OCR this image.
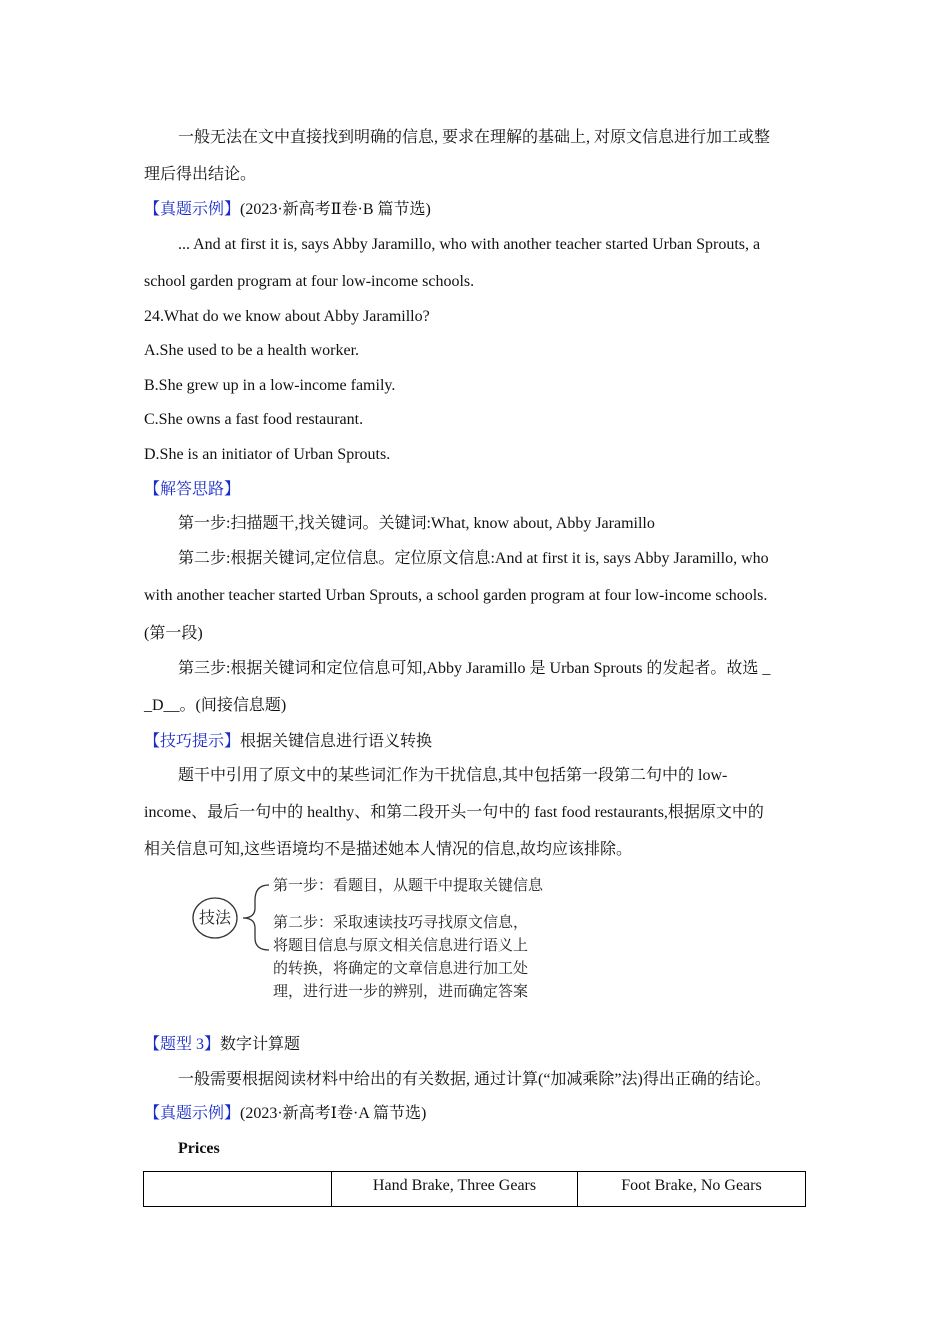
一般无法在文中直接找到明确的信息, 要求在理解的基础上, 对原文信息进行加工或整
理后得出结论。
【真题示例】(2023·新高考Ⅱ卷·B 篇节选)
... And at first it is, says Abby Jaramillo, who with another teacher started Urban Sprouts, a
school garden program at four low-income schools.
24.What do we know about Abby Jaramillo?
A.She used to be a health worker.
B.She grew up in a low-income family.
C.She owns a fast food restaurant.
D.She is an initiator of Urban Sprouts.
【解答思路】
第一步:扫描题干,找关键词。关键词:What, know about, Abby Jaramillo
第二步:根据关键词,定位信息。定位原文信息:And at first it is, says Abby Jaramillo, who
with another teacher started Urban Sprouts, a school garden program at four low-income schools.
(第一段)
第三步:根据关键词和定位信息可知,Abby Jaramillo 是 Urban Sprouts 的发起者。故选 _
_D__。(间接信息题)
【技巧提示】根据关键信息进行语义转换
题干中引用了原文中的某些词汇作为干扰信息,其中包括第一段第二句中的 low-
income、最后一句中的 healthy、和第二段开头一句中的 fast food restaurants,根据原文中的
相关信息可知,这些语境均不是描述她本人情况的信息,故均应该排除。
技法
第一步：看题目，从题干中提取关键信息
第二步：采取速读技巧寻找原文信息，
将题目信息与原文相关信息进行语义上
的转换，将确定的文章信息进行加工处
理，进行进一步的辨别，进而确定答案
【题型 3】数字计算题
一般需要根据阅读材料中给出的有关数据, 通过计算(“加减乘除”法)得出正确的结论。
【真题示例】(2023·新高考Ⅰ卷·A 篇节选)
Prices
	Hand Brake, Three Gears	Foot Brake, No Gears
